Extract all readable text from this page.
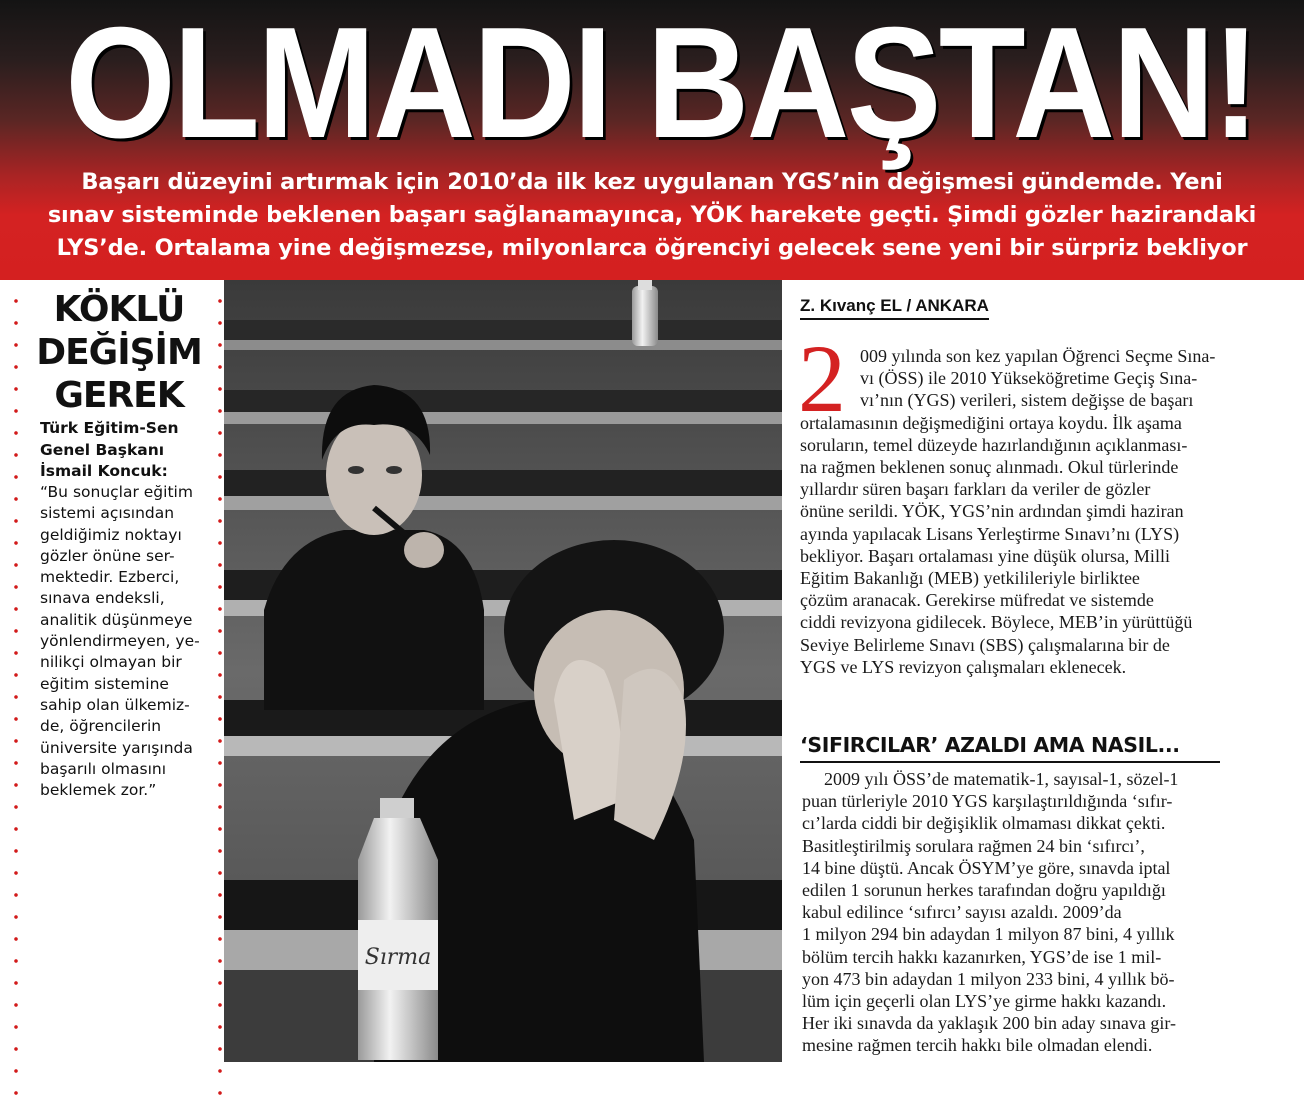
OLMADI BAŞTAN!
Başarı düzeyini artırmak için 2010’da ilk kez uygulanan YGS’nin değişmesi gündemde. Yeni
sınav sisteminde beklenen başarı sağlanamayınca, YÖK harekete geçti. Şimdi gözler hazirandaki
LYS’de. Ortalama yine değişmezse, milyonlarca öğrenciyi gelecek sene yeni bir sürpriz bekliyor
KÖKLÜ
DEĞİŞİM
GEREK
Türk Eğitim-Sen
Genel Başkanı
İsmail Koncuk:
“Bu sonuçlar eğitim
sistemi açısından
geldiğimiz noktayı
gözler önüne ser-
mektedir. Ezberci,
sınava endeksli,
analitik düşünmeye
yönlendirmeyen, ye-
nilikçi olmayan bir
eğitim sistemine
sahip olan ülkemiz-
de, öğrencilerin
üniversite yarışında
başarılı olmasını
beklemek zor.”
Sırma
Z. Kıvanç EL / ANKARA
2 009 yılında son kez yapılan Öğrenci Seçme Sına-
vı (ÖSS) ile 2010 Yükseköğretime Geçiş Sına-
vı’nın (YGS) verileri, sistem değişse de başarı
ortalamasının değişmediğini ortaya koydu. İlk aşama
soruların, temel düzeyde hazırlandığının açıklanması-
na rağmen beklenen sonuç alınmadı. Okul türlerinde
yıllardır süren başarı farkları da veriler de gözler
önüne serildi. YÖK, YGS’nin ardından şimdi haziran
ayında yapılacak Lisans Yerleştirme Sınavı’nı (LYS)
bekliyor. Başarı ortalaması yine düşük olursa, Milli
Eğitim Bakanlığı (MEB) yetkilileriyle birliktee
çözüm aranacak. Gerekirse müfredat ve sistemde
ciddi revizyona gidilecek. Böylece, MEB’in yürüttüğü
Seviye Belirleme Sınavı (SBS) çalışmalarına bir de
YGS ve LYS revizyon çalışmaları eklenecek.
‘SIFIRCILAR’ AZALDI AMA NASIL...
2009 yılı ÖSS’de matematik-1, sayısal-1, sözel-1
puan türleriyle 2010 YGS karşılaştırıldığında ‘sıfır-
cı’larda ciddi bir değişiklik olmaması dikkat çekti.
Basitleştirilmiş sorulara rağmen 24 bin ‘sıfırcı’,
14 bine düştü. Ancak ÖSYM’ye göre, sınavda iptal
edilen 1 sorunun herkes tarafından doğru yapıldığı
kabul edilince ‘sıfırcı’ sayısı azaldı. 2009’da
1 milyon 294 bin adaydan 1 milyon 87 bini, 4 yıllık
bölüm tercih hakkı kazanırken, YGS’de ise 1 mil-
yon 473 bin adaydan 1 milyon 233 bini, 4 yıllık bö-
lüm için geçerli olan LYS’ye girme hakkı kazandı.
Her iki sınavda da yaklaşık 200 bin aday sınava gir-
mesine rağmen tercih hakkı bile olmadan elendi.
